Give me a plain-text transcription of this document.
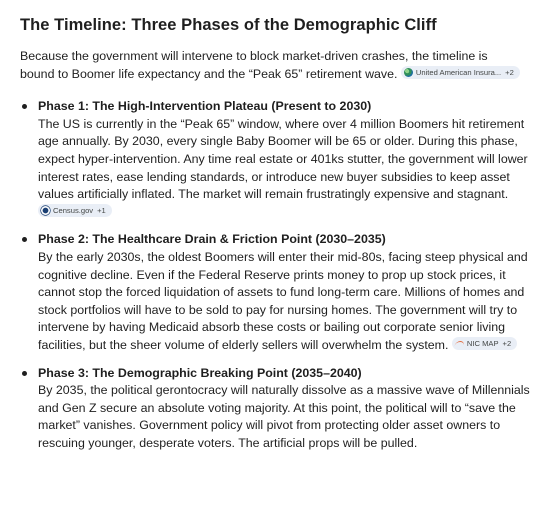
The Timeline: Three Phases of the Demographic Cliff

Because the government will intervene to block market-driven crashes, the timeline is bound to Boomer life expectancy and the “Peak 65” retirement wave. United American Insura... +2

Phase 1: The High-Intervention Plateau (Present to 2030)
The US is currently in the “Peak 65” window, where over 4 million Boomers hit retirement age annually. By 2030, every single Baby Boomer will be 65 or older. During this phase, expect hyper-intervention. Any time real estate or 401ks stutter, the government will lower interest rates, ease lending standards, or introduce new buyer subsidies to keep asset values artificially inflated. The market will remain frustratingly expensive and stagnant.
Census.gov +1
Phase 2: The Healthcare Drain & Friction Point (2030–2035)
By the early 2030s, the oldest Boomers will enter their mid-80s, facing steep physical and cognitive decline. Even if the Federal Reserve prints money to prop up stock prices, it cannot stop the forced liquidation of assets to fund long-term care. Millions of homes and stock portfolios will have to be sold to pay for nursing homes. The government will try to intervene by having Medicaid absorb these costs or bailing out corporate senior living facilities, but the sheer volume of elderly sellers will overwhelm the system. NIC MAP +2
Phase 3: The Demographic Breaking Point (2035–2040)
By 2035, the political gerontocracy will naturally dissolve as a massive wave of Millennials and Gen Z secure an absolute voting majority. At this point, the political will to “save the market” vanishes. Government policy will pivot from protecting older asset owners to rescuing younger, desperate voters. The artificial props will be pulled.
